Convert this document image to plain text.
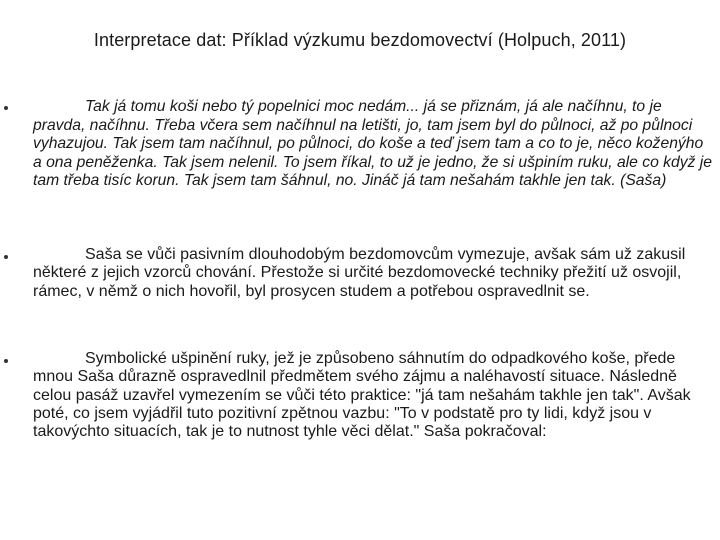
Interpretace dat: Příklad výzkumu bezdomovectví (Holpuch, 2011)
Tak já tomu koši nebo tý popelnici moc nedám... já se přiznám, já ale načíhnu, to je pravda, načíhnu. Třeba včera sem načíhnul na letišti, jo, tam jsem byl do půlnoci, až po půlnoci vyhazujou. Tak jsem tam načíhnul, po půlnoci, do koše a teď jsem tam a co to je, něco koženýho a ona peněženka. Tak jsem nelenil. To jsem říkal, to už je jedno, že si ušpiním ruku, ale co když je tam třeba tisíc korun. Tak jsem tam šáhnul, no. Jináč já tam nešahám takhle jen tak. (Saša)
Saša se vůči pasivním dlouhodobým bezdomovcům vymezuje, avšak sám už zakusil některé z jejich vzorců chování. Přestože si určité bezdomovecké techniky přežití už osvojil, rámec, v němž o nich hovořil, byl prosycen studem a potřebou ospravedlnit se.
Symbolické ušpinění ruky, jež je způsobeno sáhnutím do odpadkového koše, přede mnou Saša důrazně ospravedlnil předmětem svého zájmu a naléhavostí situace. Následně celou pasáž uzavřel vymezením se vůči této praktice: "já tam nešahám takhle jen tak". Avšak poté, co jsem vyjádřil tuto pozitivní zpětnou vazbu: "To v podstatě pro ty lidi, když jsou v takovýchto situacích, tak je to nutnost tyhle věci dělat." Saša pokračoval:
